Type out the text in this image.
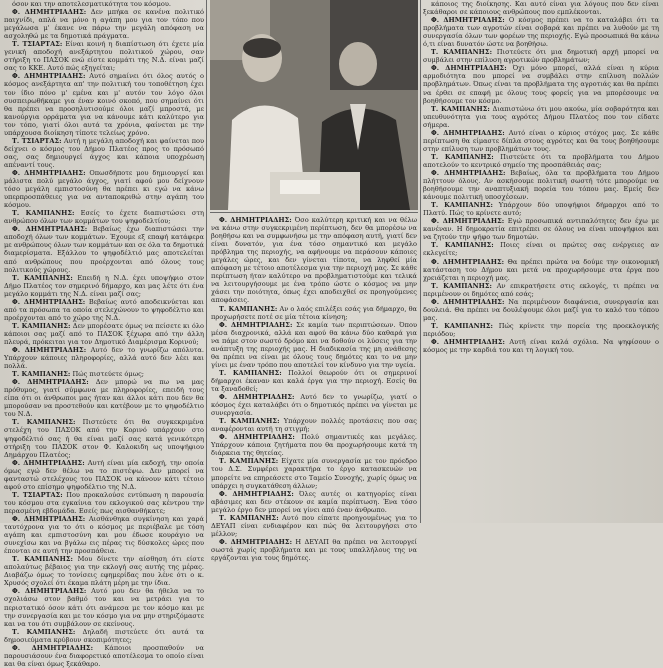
όσον και την αποτελεσματικότητα του κόσμου.

Φ. ΔΗΜΗΤΡΙΑΔΗΣ: Δεν μπήκα σε κανένα πολιτικό παιχνίδι, απλά να μόνο η αγάπη μου για τον τόπο που μεγάλωσα μ' έκανε να πάρω την μεγάλη απόφαση να ασχοληθώ με τα δημοτικά πράγματα.

Τ. ΤΣΙΑΡΤΑΣ: Είναι κοινή η διαπίστωση ότι έχετε μία γενική αποδοχή ανεξάρτητου πολιτικού χώρου, σαν στήριξη το ΠΑΣΟΚ ενώ είστε κομμάτι της Ν.Δ. είναι μαζί σας το ΚΚΕ. Αυτό πώς εξηγείται;

Φ. ΔΗΜΗΤΡΙΑΔΗΣ: Αυτό σημαίνει ότι όλος αυτός ο κόσμος ανεξάρτητα απ' την πολιτική του τοποθέτηση έχει τον ίδιο πόνο μ' εμένα και μ' αυτόν τον λόγο όλοι συσπειρωθήκαμε για έναν κοινό σκοπό, που σημαίνει ότι θα πρέπει να προσηλυτισούμε όλοι μαζί μπροστά, με κανούργια ορράματα για να κάνουμε κάτι καλύτερο για τον τόπο, γιατί όλοι αυτά τα χρόνια, φαίνεται με την υπάρχουσα διοίκηση τίποτε τελείως χρόνο.

Τ. ΤΣΙΑΡΤΑΣ: Αυτή η μεγάλη αποδοχή και φαίνεται που δείχνει ο κόσμος του Δήμου Πλατέος προς το πρόσωπό σας, σας δημιουργεί άγχος και κάποια υποχρέωση απέναντί τους.

Φ. ΔΗΜΗΤΡΙΑΔΗΣ: Οπωσδήποτε μου δημιουργεί και μάλιστα πολύ μεγάλο άγχος, γιατί αφού μου δείχνουν τόσο μεγάλη εμπιστοσύνη θα πρέπει κι εγώ να κάνω υπερπροσπάθειες για να ανταποκριθώ στην αγάπη του κόσμου.

Τ. ΚΑΜΠΑΝΗΣ: Εσείς το έχετε διαπιστώσει στη ανθρώπου όλων των κομμάτων του ψηφοδελτίου;

Φ. ΔΗΜΗΤΡΙΑΔΗΣ: Βεβαίως έχω διαπιστώσει την αποδοχή όλων των κομμάτων. Έχουμε εξ επαφή κατάφερα με ανθρώπους όλων των κομμάτων και σε όλα τα δημοτικά διαμερίσματα. Εξάλλου το ψηφοδέλτιό μας αποτελείται από ανθρώπους που προέρχονται από όλους τους πολιτικούς χώρους.

Τ. ΚΑΜΠΑΝΗΣ: Επειδή η Ν.Δ. έχει υποψήφιο στον Δήμο Πλατέος τον σημερινό δήμαρχο, και μας λέτε ότι ένα μεγάλο κομμάτι της Ν.Δ. είναι μαζί σας;

Φ. ΔΗΜΗΤΡΙΑΔΗΣ: Βεβαίως αυτό αποδεικνύεται και από τα πρόσωπα τα οποία στελεχώνουν το ψηφοδέλτιο και προέρχονται από το χώρο της Ν.Δ.

Τ. ΚΑΜΠΑΝΗΣ: Δεν μπορέσατε όμως να πείσετε κι όλο κάποιοι σας μαζί από το ΠΑΣΟΚ ξέχωρα από την άλλη πλευρά, πρόκειται για τον Δημοτικό Διαμέρισμα Κορινού;

Φ. ΔΗΜΗΤΡΙΑΔΗΣ: Αυτό δεν το γνωρίζω απόλυτα. Υπάρχουν κάποιες πληροφορίες, αλλά αυτό δεν λέει και πολλά.

Τ. ΚΑΜΠΑΝΗΣ: Πώς πιστεύετε όμως;

Φ. ΔΗΜΗΤΡΙΑΔΗΣ: Δεν μπορώ να πω να μας πρόθυμος, γιατί σύμφωνα με πληροφορίες, επειδή τους είπα ότι οι άνθρωποι μας ήταν και άλλοι κάτι που δεν θα μπορούσαν να προστεθούν και κατέβουν με το ψηφοδέλτιο του Ν.Δ.

Τ. ΚΑΜΠΑΝΗΣ: Πιστεύετε ότι θα συγκεκριμένα στελέχη του ΠΑΣΟΚ από την Κορινό υπάρχουν στο ψηφοδέλτιό σας ή θα είναι μαζί σας κατά γενικότερη στήριξη του ΠΑΣΟΚ στον Φ. Καλοκιδη ως υποψήφιου Δημάρχου Πλατέος;

Φ. ΔΗΜΗΤΡΙΑΔΗΣ: Αυτή είναι μία εκδοχή, την οποία όμως εγώ δεν θέλω να το πιστέψω. Δεν μπορεί να φανταστώ στελέχους του ΠΑΣΟΚ να κάνουν κάτι τέτοιο αφού στο επίσημο ψηφοδέλτιο της Ν.Δ.

Τ. ΤΣΙΑΡΤΑΣ: Που προκαλούσε εντύπωση η παρουσία του κόσμου στα εγκαίνια του εκλογικού σας κέντρου την περασμένη εβδομάδα. Εσείς πως αισθανθήκατε;

Φ. ΔΗΜΗΤΡΙΑΔΗΣ: Αισθάνθηκα συγκίνηση και χαρά ταυτόχρονα για το ότι ο κόσμος με περιέβαλε με τόση αγάπη και εμπιστοσύνη και μου έδωσε κουράγιο να συνεχίσω και να βγάλω εις πέρας τις δύσκολες ώρες που έπονται σε αυτή την προσπάθεια.

Τ. ΚΑΜΠΑΝΗΣ: Μου δίνετε την αίσθηση ότι είστε απολαύτως βέβαιος για την εκλογή σας αυτής της μέρας. Διαβάζω όμως το τονίσεις εφημερίδας που λένε ότι ο κ. Χρυσός σχολεί ότι έκαμα πλάτη μέρη με την ίδια.

Φ. ΔΗΜΗΤΡΙΑΔΗΣ: Αυτό μου δεν θα ήθελα να το σχολιάσω στον βαθμό του και να μετράει για το περιστατικό όσον κάτι ότι ανάμεσα με τον κόσμο και με την συνεργασία και με τον κόσμο για να μην στηριζόμαστε και να του ότι συμβάλουν σε εκείνους.

Τ. ΚΑΜΠΑΝΗΣ: Δηλαδή πιστεύετε ότι αυτά τα δημοσιεύματα κρύβουν σκοπιμότητες;

Φ. ΔΗΜΗΤΡΙΑΔΗΣ: Κάποιοι προσπαθούν να παρουσιάσουν ένα διαφορετικό αποτέλεσμα το οποίο είναι και θα είναι όμως ξεκάθαρο.

Φ. ΔΗΜΗΤΡΙΑΔΗΣ: Όσο καλύτερη κριτική και να θέλω να κάνω στην συγκεκριμένη περίπτωση, δεν θα μπορέσω να βοηθήσω και να συμφωνήσω με την απόφαση αυτή, γιατί δεν είναι δυνατόν, για ένα τόσο σημαντικό και μεγάλο πρόβλημα της περιοχής, να αφήνουμε να περάσουν κάποιες μεγάλες ώρες, και δεν γίνεται τίποτα, να ληφθεί μία απόφαση με τέτοιο αποτέλεσμα για την περιοχή μας. Σε κάθε περίπτωση ήταν καλύτερο να προβληματιστούμε και τελικά να λειτουργήσουμε με ένα τρόπο ώστε ο κόσμος να μην χάσει την ποιότητα, όπως έχει αποδειχθεί σε προηγούμενες αποφάσεις.

Τ. ΚΑΜΠΑΝΗΣ: Αν ο λαός επιλέξει εσάς για δήμαρχο, θα προχωρήσετε ποτέ σε μία τέτοια κίνηση;

Φ. ΔΗΜΗΤΡΙΑΔΗΣ: Σε καμία των περιπτώσεων. Όπου μέσα διαχρονικά, αλλά και αφού θα κάνω δύο καθαρά για να πάμε στον σωστό δρόμο και να δοθούν οι λύσεις για την ανάπτυξη της περιοχής μας. Η διαδικασία της μη ανάθεσης θα πρέπει να είναι με όλους τους δημότες και το να μην γίνει με έναν τρόπο που αποτελεί τον κίνδυνο για την υγεία.

Τ. ΚΑΜΠΑΝΗΣ: Πολλοί θεωρούν ότι οι σημερινοί δήμαρχοι έκαναν και καλά έργα για την περιοχή. Εσείς θα τα ξαναδοθεί;

Φ. ΔΗΜΗΤΡΙΑΔΗΣ: Αυτό δεν το γνωρίζω, γιατί ο κόσμος έχει καταλάβει ότι ο δημοτικός πρέπει να γίνεται με συνεργασία.

Τ. ΚΑΜΠΑΝΗΣ: Υπάρχουν πολλές προτάσεις που σας αναφέρονται αυτή τη στιγμή;

Φ. ΔΗΜΗΤΡΙΑΔΗΣ: Πολύ σημαντικές και μεγάλες. Υπάρχουν κάποια ζητήματα που θα προχωρήσουμε κατά τη διάρκεια της θητείας.

Τ. ΚΑΜΠΑΝΗΣ: Είχατε μία συνεργασία με τον πρόεδρο του Δ.Σ. Συμφέρει χαρακτήρα το έργο κατασκευών να μπορείτε να επηρεάσετε στο Ταμείο Συνοχής, χωρίς όμως να υπάρχει η συγκατάθεση άλλων;

Φ. ΔΗΜΗΤΡΙΑΔΗΣ: Όλες αυτές οι κατηγορίες είναι αβάσιμες και δεν στέκουν σε καμία περίπτωση. Ένα τόσο μεγάλο έργο δεν μπορεί να γίνει από έναν άνθρωπο.

Τ. ΚΑΜΠΑΝΗΣ: Αυτό που είπατε προηγουμένως για το ΔΕΥΑΠ είναι ενδιαφέρον και πώς θα λειτουργήσει στο μέλλον;

Φ. ΔΗΜΗΤΡΙΑΔΗΣ: Η ΔΕΥΑΠ θα πρέπει να λειτουργεί σωστά χωρίς προβλήματα και με τους υπαλλήλους της να εργάζονται για τους δημότες.

κάποιος της διοίκησης. Και αυτό είναι για λόγους που δεν είναι ξεκάθαροι σε κάποιους ανθρώπους που εμπλέκονται.

Φ. ΔΗΜΗΤΡΙΑΔΗΣ: Ο κόσμος πρέπει να το καταλάβει ότι τα προβλήματα των αγροτών είναι σοβαρά και πρέπει να λυθούν με τη συνεργασία όλων των φορέων της περιοχής. Εγώ προσωπικά θα κάνω ό,τι είναι δυνατόν ώστε να βοηθήσω.

Τ. ΚΑΜΠΑΝΗΣ: Πιστεύετε ότι μια δημοτική αρχή μπορεί να συμβάλει στην επίλυση αγροτικών προβλημάτων;

Φ. ΔΗΜΗΤΡΙΑΔΗΣ: Όχι μόνο μπορεί, αλλά είναι η κύρια αρμοδιότητα που μπορεί να συμβάλει στην επίλυση πολλών προβλημάτων. Όπως είναι τα προβλήματα της αγροτιάς και θα πρέπει να έρθει σε επαφή με όλους τους φορείς για να μπορέσουμε να βοηθήσουμε τον κόσμο.

Τ. ΚΑΜΠΑΝΗΣ: Διαπιστώνω ότι μου ακούω, μία σοβαρότητα και υπευθυνότητα για τους αγρότες Δήμου Πλατέος που τον είδατε σήμερα.

Φ. ΔΗΜΗΤΡΙΑΔΗΣ: Αυτό είναι ο κύριος στόχος μας. Σε κάθε περίπτωση θα είμαστε δίπλα στους αγρότες και θα τους βοηθήσουμε στην επίλυση των προβλημάτων τους.

Τ. ΚΑΜΠΑΝΗΣ: Πιστεύετε ότι τα προβλήματα του Δήμου αποτελούν το κεντρικό σημείο της προσπάθειάς σας;

Φ. ΔΗΜΗΤΡΙΑΔΗΣ: Βεβαίως, όλα τα προβλήματα του Δήμου πλήττουν όλους. Αν ασκήσουμε πολιτική σωστή τότε μπορούμε να βοηθήσουμε την αναπτυξιακή πορεία του τόπου μας. Εμείς δεν κάνουμε πολιτική υποσχέσεων.

Τ. ΚΑΜΠΑΝΗΣ: Υπάρχουν δύο υποψήφιοι δήμαρχοι από το Πλατύ. Πώς το κρίνετε αυτό;

Φ. ΔΗΜΗΤΡΙΑΔΗΣ: Εγώ προσωπικά αντιπαλότητες δεν έχω με κανέναν. Η δημοκρατία επιτρέπει σε όλους να είναι υποψήφιοι και να ζητούν την ψήφο των δημοτών.

Τ. ΚΑΜΠΑΝΗΣ: Ποιες είναι οι πρώτες σας ενέργειες αν εκλεγείτε;

Φ. ΔΗΜΗΤΡΙΑΔΗΣ: Θα πρέπει πρώτα να δούμε την οικονομική κατάσταση του Δήμου και μετά να προχωρήσουμε στα έργα που χρειάζεται η περιοχή μας.

Τ. ΚΑΜΠΑΝΗΣ: Αν επικρατήσετε στις εκλογές, τι πρέπει να περιμένουν οι δημότες από εσάς;

Φ. ΔΗΜΗΤΡΙΑΔΗΣ: Να περιμένουν διαφάνεια, συνεργασία και δουλειά. Θα πρέπει να δουλέψουμε όλοι μαζί για το καλό του τόπου μας.

Τ. ΚΑΜΠΑΝΗΣ: Πώς κρίνετε την πορεία της προεκλογικής περιόδου;

Φ. ΔΗΜΗΤΡΙΑΔΗΣ: Αυτή είναι καλά σχόλια. Να ψηφίσουν ο κόσμος με την καρδιά του και τη λογική του.
